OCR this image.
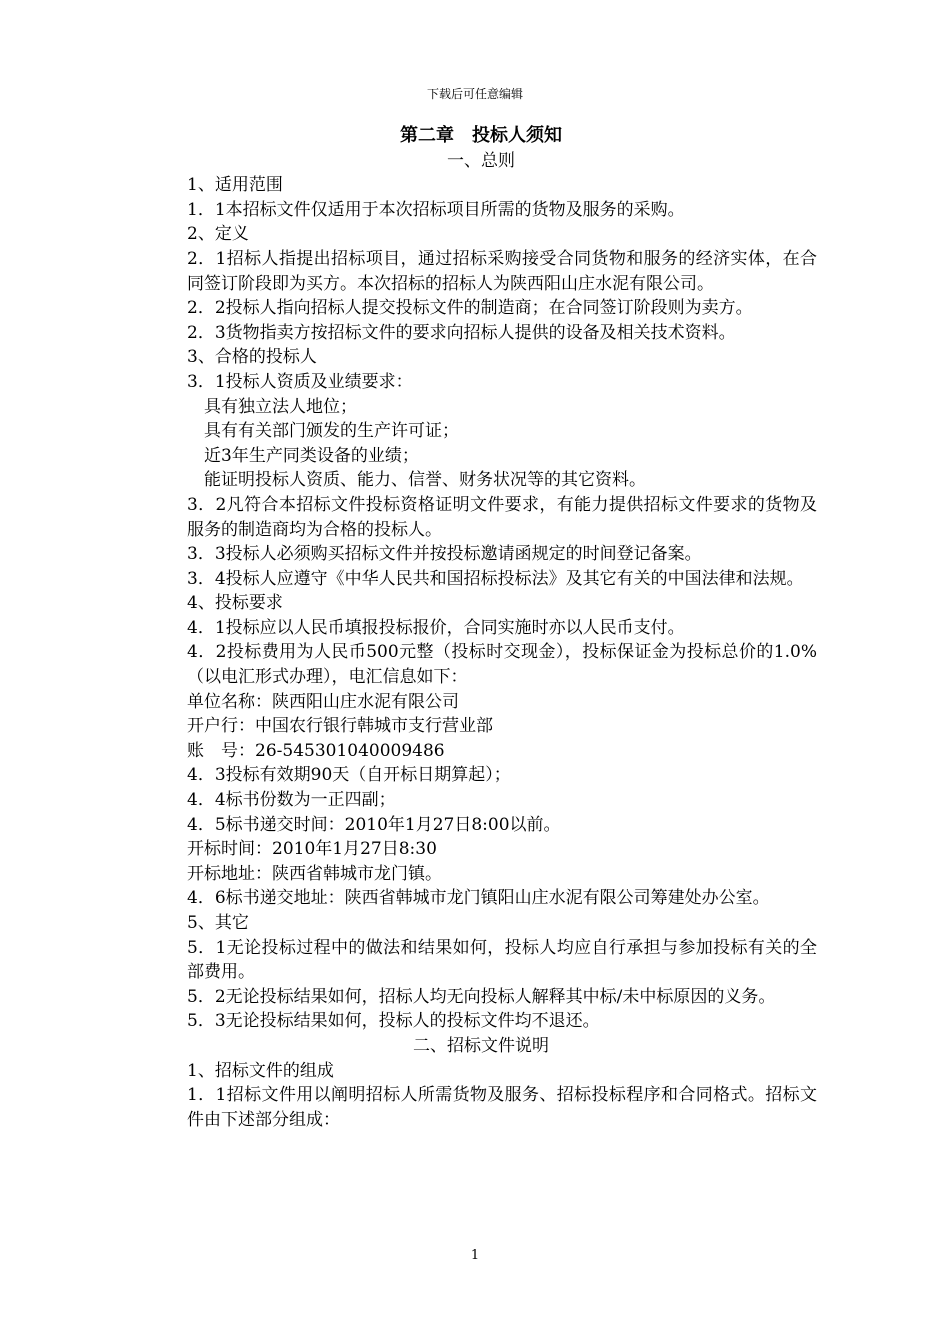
下载后可任意编辑

第二章　投标人须知

一、总则

1、适用范围

1．1本招标文件仅适用于本次招标项目所需的货物及服务的采购。

2、定义

2．1招标人指提出招标项目，通过招标采购接受合同货物和服务的经济实体，在合同签订阶段即为买方。本次招标的招标人为陕西阳山庄水泥有限公司。

2．2投标人指向招标人提交投标文件的制造商；在合同签订阶段则为卖方。

2．3货物指卖方按招标文件的要求向招标人提供的设备及相关技术资料。

3、合格的投标人

3．1投标人资质及业绩要求：

具有独立法人地位；

具有有关部门颁发的生产许可证；

近3年生产同类设备的业绩；

能证明投标人资质、能力、信誉、财务状况等的其它资料。

3．2凡符合本招标文件投标资格证明文件要求，有能力提供招标文件要求的货物及服务的制造商均为合格的投标人。

3．3投标人必须购买招标文件并按投标邀请函规定的时间登记备案。

3．4投标人应遵守《中华人民共和国招标投标法》及其它有关的中国法律和法规。

4、投标要求

4．1投标应以人民币填报投标报价，合同实施时亦以人民币支付。

4．2投标费用为人民币500元整（投标时交现金），投标保证金为投标总价的1.0%（以电汇形式办理），电汇信息如下：

单位名称：陕西阳山庄水泥有限公司

开户行：中国农行银行韩城市支行营业部

账　号：26-545301040009486

4．3投标有效期90天（自开标日期算起）；

4．4标书份数为一正四副；

4．5标书递交时间：2010年1月27日8:00以前。

开标时间：2010年1月27日8:30

开标地址：陕西省韩城市龙门镇。

4．6标书递交地址：陕西省韩城市龙门镇阳山庄水泥有限公司筹建处办公室。

5、其它

5．1无论投标过程中的做法和结果如何，投标人均应自行承担与参加投标有关的全部费用。

5．2无论投标结果如何，招标人均无向投标人解释其中标/未中标原因的义务。

5．3无论投标结果如何，投标人的投标文件均不退还。

二、招标文件说明

1、招标文件的组成

1．1招标文件用以阐明招标人所需货物及服务、招标投标程序和合同格式。招标文件由下述部分组成：

1
